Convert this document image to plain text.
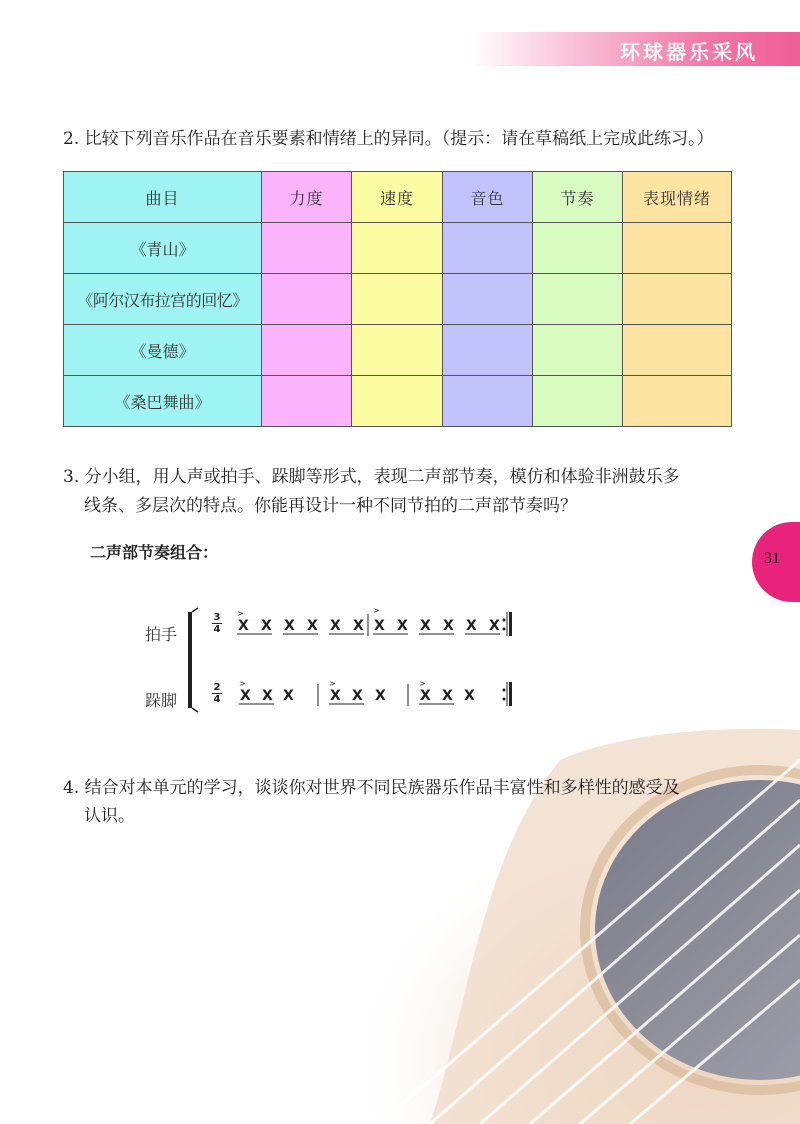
环球器乐采风
31
2. 比较下列音乐作品在音乐要素和情绪上的异同。（提示：请在草稿纸上完成此练习。）
曲目	力度	速度	音色	节奏	表现情绪
《青山》					
《阿尔汉布拉宫的回忆》					
《曼德》					
《桑巴舞曲》					
3. 分小组，用人声或拍手、跺脚等形式，表现二声部节奏，模仿和体验非洲鼓乐多
线条、多层次的特点。你能再设计一种不同节拍的二声部节奏吗？
二声部节奏组合：
拍手
跺脚
3
4
2
4
>
X X X X X X
>
X X X X X X
>
X X X
>
X X X
>
X X X
4. 结合对本单元的学习，谈谈你对世界不同民族器乐作品丰富性和多样性的感受及
认识。
